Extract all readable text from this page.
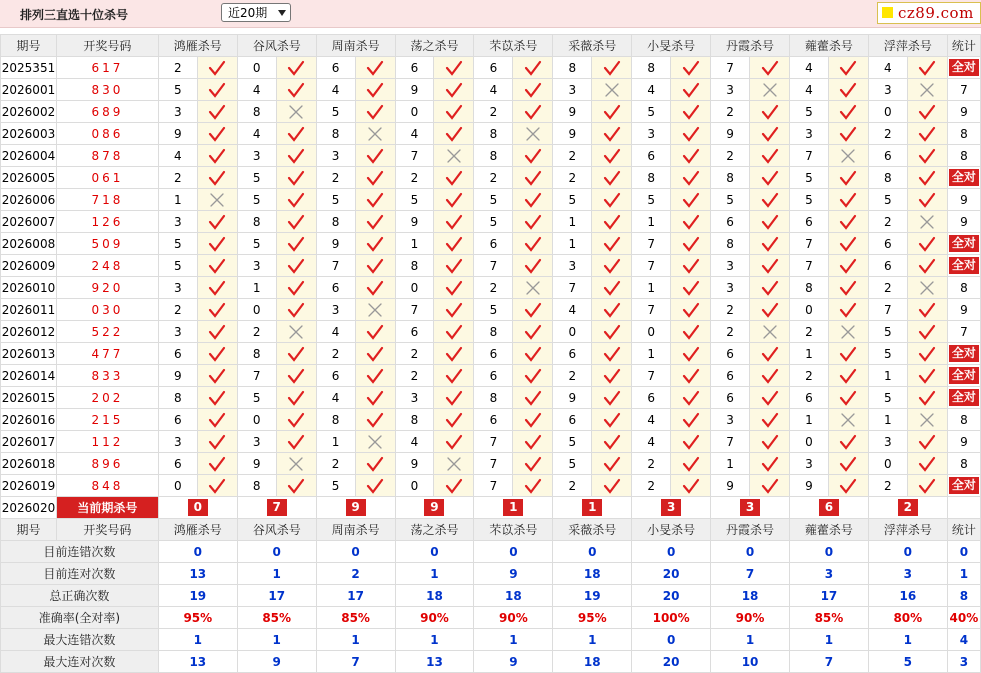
排列三直选十位杀号	近20期	cz89.com
期号	开奖号码	鸿雁杀号		谷风杀号		周南杀号		荡之杀号		芣苡杀号		采薇杀号		小旻杀号		丹霞杀号		蕹藿杀号		浮萍杀号		统计
2025351	617	2		0		6		6		6		8		8		7		4		4		全对
2026001	830	5		4		4		9		4		3		4		3		4		3		7
2026002	689	3		8		5		0		2		9		5		2		5		0		9
2026003	086	9		4		8		4		8		9		3		9		3		2		8
2026004	878	4		3		3		7		8		2		6		2		7		6		8
2026005	061	2		5		2		2		2		2		8		8		5		8		全对
2026006	718	1		5		5		5		5		5		5		5		5		5		9
2026007	126	3		8		8		9		5		1		1		6		6		2		9
2026008	509	5		5		9		1		6		1		7		8		7		6		全对
2026009	248	5		3		7		8		7		3		7		3		7		6		全对
2026010	920	3		1		6		0		2		7		1		3		8		2		8
2026011	030	2		0		3		7		5		4		7		2		0		7		9
2026012	522	3		2		4		6		8		0		0		2		2		5		7
2026013	477	6		8		2		2		6		6		1		6		1		5		全对
2026014	833	9		7		6		2		6		2		7		6		2		1		全对
2026015	202	8		5		4		3		8		9		6		6		6		5		全对
2026016	215	6		0		8		8		6		6		4		3		1		1		8
2026017	112	3		3		1		4		7		5		4		7		0		3		9
2026018	896	6		9		2		9		7		5		2		1		3		0		8
2026019	848	0		8		5		0		7		2		2		9		9		2		全对
2026020	当前期杀号	0		7		9		9		1		1		3		3		6		2		
期号	开奖号码	鸿雁杀号		谷风杀号		周南杀号		荡之杀号		芣苡杀号		采薇杀号		小旻杀号		丹霞杀号		蕹藿杀号		浮萍杀号		统计
目前连错次数		0		0		0		0		0		0		0		0		0		0		0
目前连对次数		13		1		2		1		9		18		20		7		3		3		1
总正确次数		19		17		17		18		18		19		20		18		17		16		8
准确率(全对率)		95%		85%		85%		90%		90%		95%		100%		90%		85%		80%		40%
最大连错次数		1		1		1		1		1		1		0		1		1		1		4
最大连对次数		13		9		7		13		9		18		20		10		7		5		3
